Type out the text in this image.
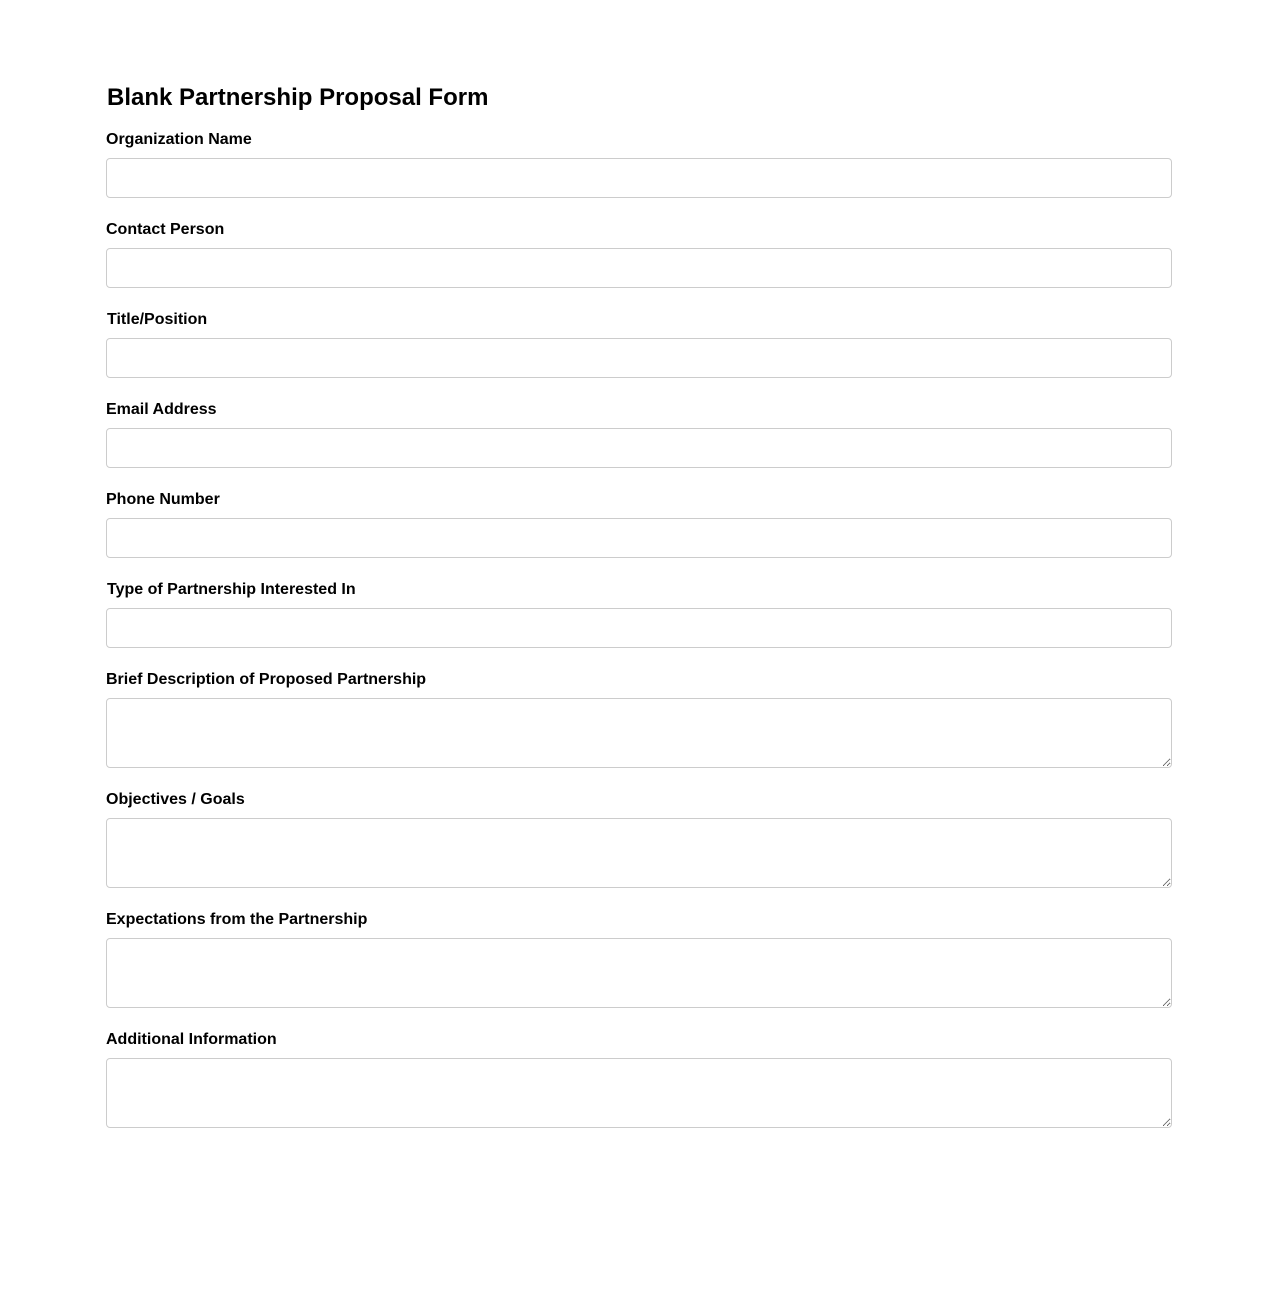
Blank Partnership Proposal Form
Organization Name
Contact Person
Title/Position
Email Address
Phone Number
Type of Partnership Interested In
Brief Description of Proposed Partnership
Objectives / Goals
Expectations from the Partnership
Additional Information
